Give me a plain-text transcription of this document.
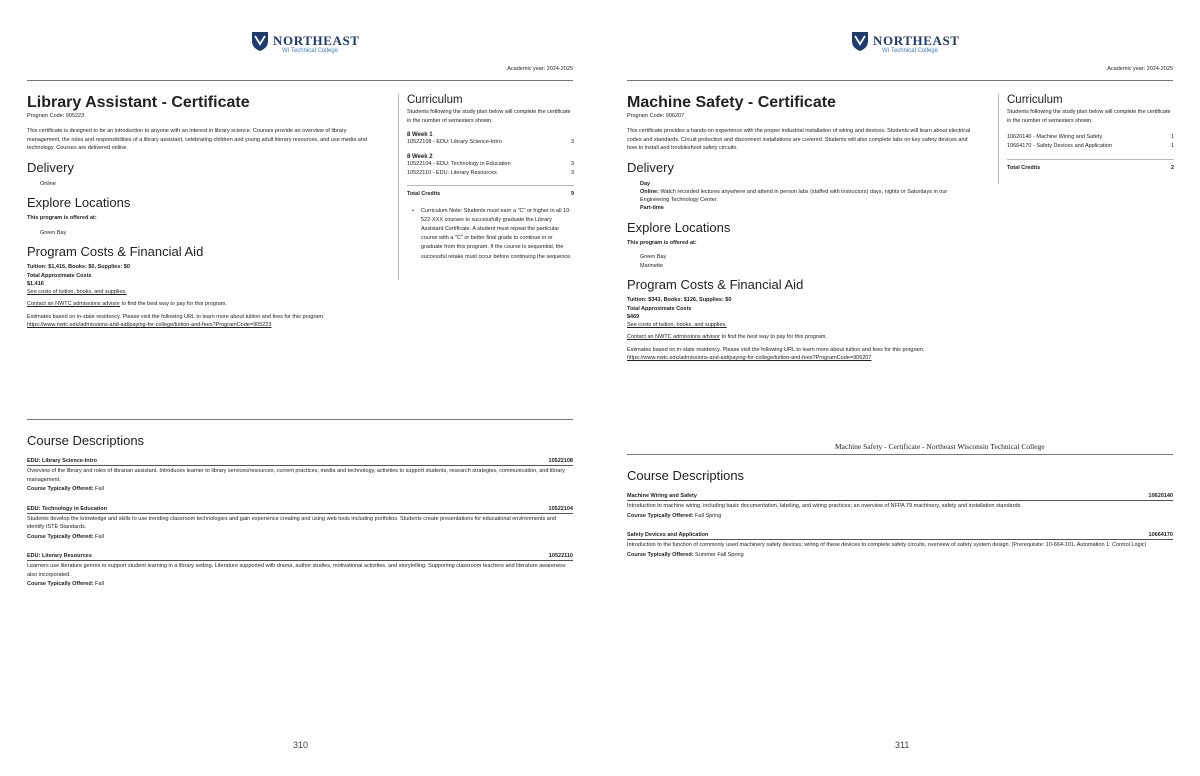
NORTHEAST
WI Technical College
Academic year: 2024-2025
Library Assistant - Certificate
Program Code: 905223

This certificate is designed to be an introduction to anyone with an interest in library science. Courses provide an overview of library management, the roles and responsibilities of a library assistant, celebrating children and young adult literary resources, and use media and technology. Courses are delivered online.

Delivery
Online
Explore Locations
This program is offered at:
Green Bay
Program Costs & Financial Aid
Tuition: $1,416, Books: $0, Supplies: $0
Total Approximate Costs
$1,416
See costs of tuition, books, and supplies.
Contact an NWTC admissions advisor to find the best way to pay for this program.
Estimates based on in-state residency. Please visit the following URL to learn more about tuition and fees for this program.
https://www.nwtc.edu/admissions-and-aid/paying-for-college/tuition-and-fees?ProgramCode=905223
Curriculum
Students following the study plan below will complete the certificate in the number of semesters shown.
8 Week 1
10522108 - EDU: Library Science-Intro	3
8 Week 2
10522104 - EDU: Technology in Education	3
10522110 - EDU: Literary Resources	3
Total Credits	9
• Curriculum Note: Students must earn a "C" or higher in all 10-522-XXX courses to successfully graduate the Library Assistant Certificate. A student must repeat the particular course with a "C" or better final grade to continue in or graduate from this program. If the course is sequential, the successful retake must occur before continuing the sequence.
Course Descriptions
EDU: Library Science-Intro	10522108
Overview of the library and roles of librarian assistant. Introduces learner to library services/resources, current practices, media and technology, activities to support students, research strategies, communication, and library management.
Course Typically Offered: Fall
EDU: Technology in Education	10522104
Students develop the knowledge and skills to use trending classroom technologies and gain experience creating and using web tools including portfolios. Students create presentations for educational environments and identify ISTE Standards.
Course Typically Offered: Fall
EDU: Literary Resources	10522110
Learners use literature genres to support student learning in a library setting. Literature supported with drama, author studies, motivational activities, and storytelling. Supporting classroom teachers and literature awareness also incorporated.
Course Typically Offered: Fall
310
NORTHEAST
WI Technical College
Academic year: 2024-2025
Machine Safety - Certificate
Program Code: 906207

This certificate provides a hands-on experience with the proper industrial installation of wiring and devices. Students will learn about electrical codes and standards. Circuit protection and disconnect installations are covered. Students will also complete labs on key safety devices and how to install and troubleshoot safety circuits.

Delivery
Day
Online: Watch recorded lectures anywhere and attend in person labs (staffed with instructors) days, nights or Saturdays in our Engineering Technology Center.
Part-time
Explore Locations
This program is offered at:
Green Bay
Marinette
Program Costs & Financial Aid
Tuition: $343, Books: $126, Supplies: $0
Total Approximate Costs
$469
See costs of tuition, books, and supplies.
Contact an NWTC admissions advisor to find the best way to pay for this program.
Estimates based on in-state residency. Please visit the following URL to learn more about tuition and fees for this program.
https://www.nwtc.edu/admissions-and-aid/paying-for-college/tuition-and-fees?ProgramCode=906207
Curriculum
Students following the study plan below will complete the certificate in the number of semesters shown.
10620140 - Machine Wiring and Safety	1
10664170 - Safety Devices and Application	1
Total Credits	2
Course Descriptions
Machine Wiring and Safety	10620140
Introduction to machine wiring, including basic documentation, labeling, and wiring practices; an overview of NFPA 79 machinery, safety and installation standards.
Course Typically Offered: Fall Spring
Safety Devices and Application	10664170
Introduction to the function of commonly used machinery safety devices, wiring of these devices to complete safety circuits, overview of safety system design. (Prerequisite: 10-664-101, Automation 1: Control Logic)
Course Typically Offered: Summer Fall Spring
311
Machine Safety - Certificate - Northeast Wisconsin Technical College
